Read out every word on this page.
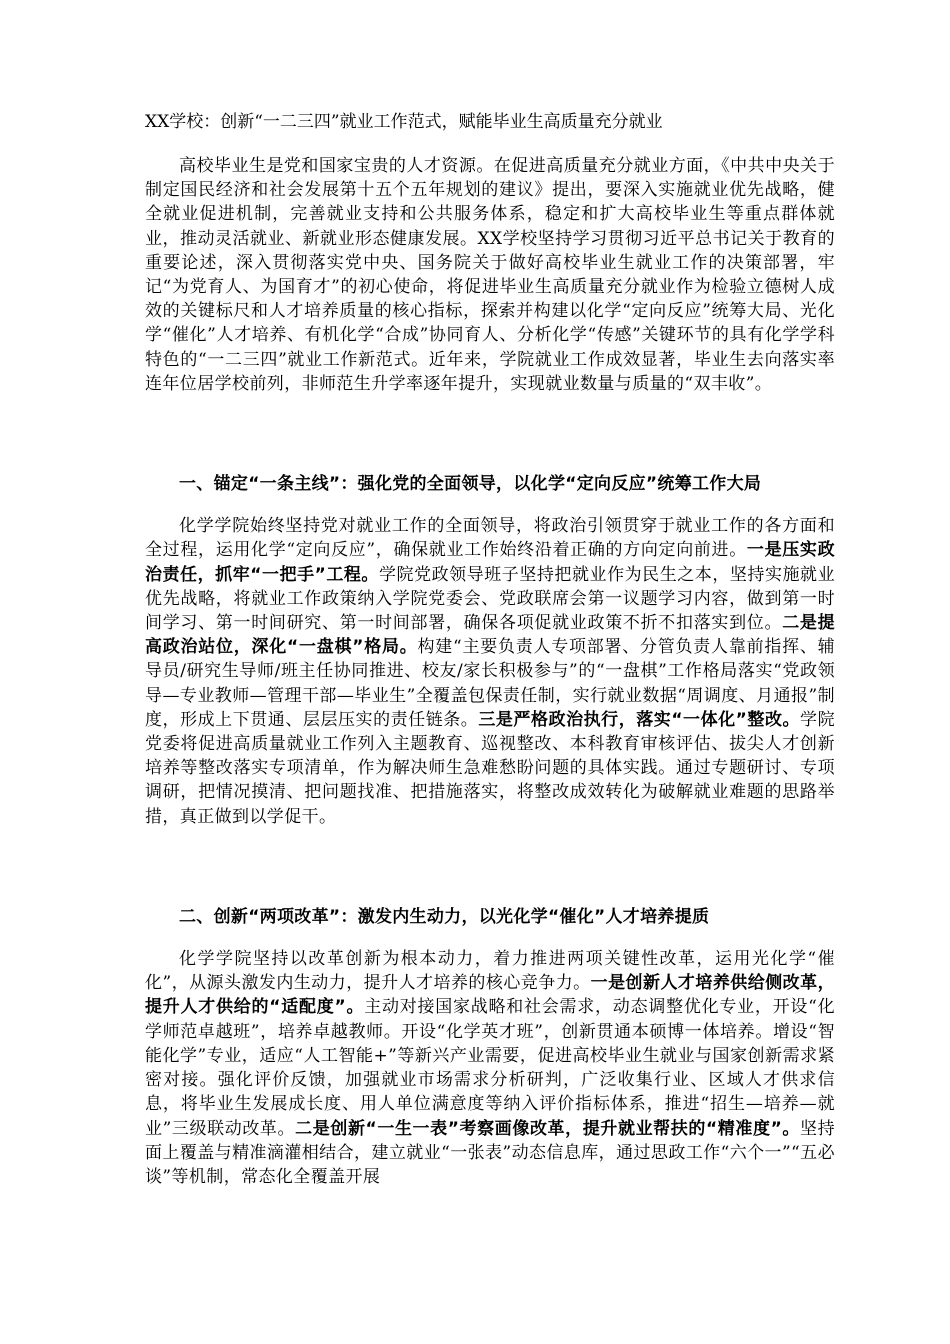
XX学校：创新“一二三四”就业工作范式，赋能毕业生高质量充分就业

高校毕业生是党和国家宝贵的人才资源。在促进高质量充分就业方面，《中共中央关于制定国民经济和社会发展第十五个五年规划的建议》提出，要深入实施就业优先战略，健全就业促进机制，完善就业支持和公共服务体系，稳定和扩大高校毕业生等重点群体就业，推动灵活就业、新就业形态健康发展。XX学校坚持学习贯彻习近平总书记关于教育的重要论述，深入贯彻落实党中央、国务院关于做好高校毕业生就业工作的决策部署，牢记“为党育人、为国育才”的初心使命，将促进毕业生高质量充分就业作为检验立德树人成效的关键标尺和人才培养质量的核心指标，探索并构建以化学“定向反应”统筹大局、光化学“催化”人才培养、有机化学“合成”协同育人、分析化学“传感”关键环节的具有化学学科特色的“一二三四”就业工作新范式。近年来，学院就业工作成效显著，毕业生去向落实率连年位居学校前列，非师范生升学率逐年提升，实现就业数量与质量的“双丰收”。

一、锚定“一条主线”：强化党的全面领导，以化学“定向反应”统筹工作大局

化学学院始终坚持党对就业工作的全面领导，将政治引领贯穿于就业工作的各方面和全过程，运用化学“定向反应”，确保就业工作始终沿着正确的方向定向前进。一是压实政治责任，抓牢“一把手”工程。学院党政领导班子坚持把就业作为民生之本，坚持实施就业优先战略，将就业工作政策纳入学院党委会、党政联席会第一议题学习内容，做到第一时间学习、第一时间研究、第一时间部署，确保各项促就业政策不折不扣落实到位。二是提高政治站位，深化“一盘棋”格局。构建“主要负责人专项部署、分管负责人靠前指挥、辅导员/研究生导师/班主任协同推进、校友/家长积极参与”的“一盘棋”工作格局落实“党政领导—专业教师—管理干部—毕业生”全覆盖包保责任制，实行就业数据“周调度、月通报”制度，形成上下贯通、层层压实的责任链条。三是严格政治执行，落实“一体化”整改。学院党委将促进高质量就业工作列入主题教育、巡视整改、本科教育审核评估、拔尖人才创新培养等整改落实专项清单，作为解决师生急难愁盼问题的具体实践。通过专题研讨、专项调研，把情况摸清、把问题找准、把措施落实，将整改成效转化为破解就业难题的思路举措，真正做到以学促干。

二、创新“两项改革”：激发内生动力，以光化学“催化”人才培养提质

化学学院坚持以改革创新为根本动力，着力推进两项关键性改革，运用光化学“催化”，从源头激发内生动力，提升人才培养的核心竞争力。一是创新人才培养供给侧改革，提升人才供给的“适配度”。主动对接国家战略和社会需求，动态调整优化专业，开设“化学师范卓越班”，培养卓越教师。开设“化学英才班”，创新贯通本硕博一体培养。增设“智能化学”专业，适应“人工智能+”等新兴产业需要，促进高校毕业生就业与国家创新需求紧密对接。强化评价反馈，加强就业市场需求分析研判，广泛收集行业、区域人才供求信息，将毕业生发展成长度、用人单位满意度等纳入评价指标体系，推进“招生—培养—就业”三级联动改革。二是创新“一生一表”考察画像改革，提升就业帮扶的“精准度”。坚持面上覆盖与精准滴灌相结合，建立就业“一张表”动态信息库，通过思政工作“六个一”“五必谈”等机制，常态化全覆盖开展
